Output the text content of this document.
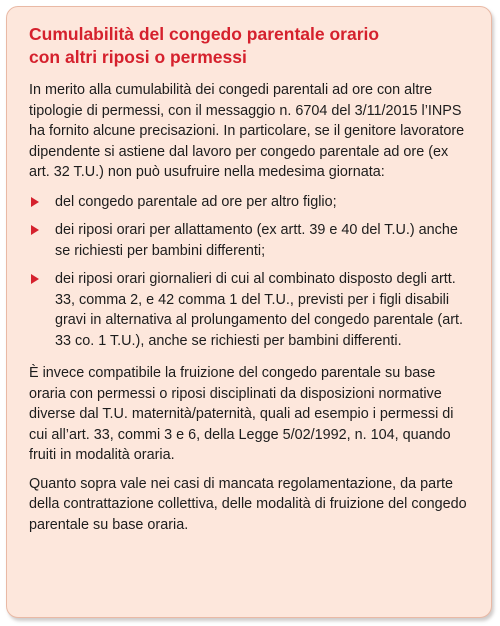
Cumulabilità del congedo parentale orario
con altri riposi o permessi

In merito alla cumulabilità dei congedi parentali ad ore con altre tipologie di permessi, con il messaggio n. 6704 del 3/11/2015 l’INPS ha fornito alcune precisazioni. In particolare, se il genitore lavoratore dipendente si astiene dal lavoro per congedo parentale ad ore (ex art. 32 T.U.) non può usufruire nella medesima giornata:

del congedo parentale ad ore per altro figlio;
dei riposi orari per allattamento (ex artt. 39 e 40 del T.U.) anche se richiesti per bambini differenti;
dei riposi orari giornalieri di cui al combinato disposto degli artt. 33, comma 2, e 42 comma 1 del T.U., previsti per i figli disabili gravi in alternativa al prolungamento del congedo parentale (art. 33 co. 1 T.U.), anche se richiesti per bambini differenti.

È invece compatibile la fruizione del congedo parentale su base oraria con permessi o riposi disciplinati da disposizioni normative diverse dal T.U. maternità/paternità, quali ad esempio i permessi di cui all’art. 33, commi 3 e 6, della Legge 5/02/1992, n. 104, quando fruiti in modalità oraria.

Quanto sopra vale nei casi di mancata regolamentazione, da parte della contrattazione collettiva, delle modalità di fruizione del congedo parentale su base oraria.
